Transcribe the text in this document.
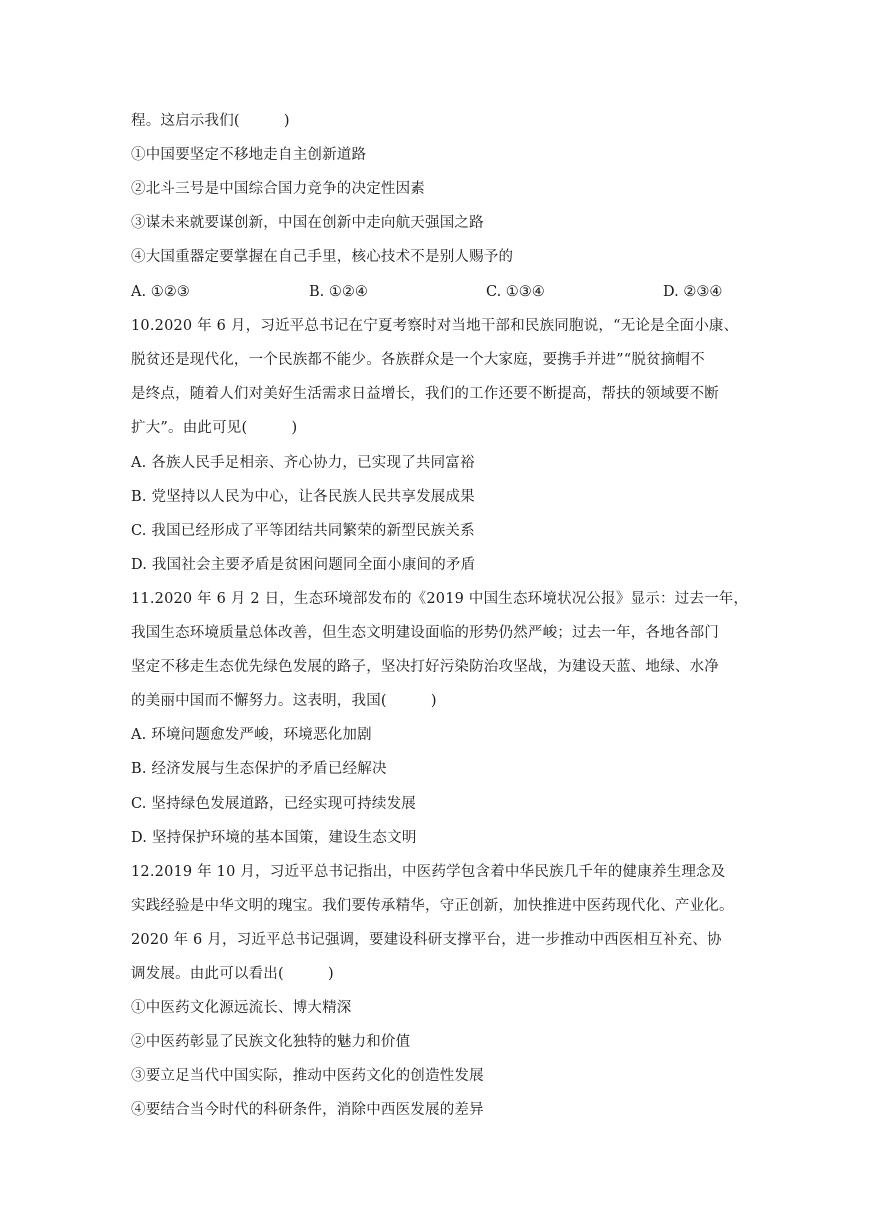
程。这启示我们(　　　)
①中国要坚定不移地走自主创新道路
②北斗三号是中国综合国力竞争的决定性因素
③谋未来就要谋创新，中国在创新中走向航天强国之路
④大国重器定要掌握在自己手里，核心技术不是别人赐予的
A. ①②③	B. ①②④	C. ①③④	D. ②③④
10.2020 年 6 月，习近平总书记在宁夏考察时对当地干部和民族同胞说，“无论是全面小康、
脱贫还是现代化，一个民族都不能少。各族群众是一个大家庭，要携手并进”“脱贫摘帽不
是终点，随着人们对美好生活需求日益增长，我们的工作还要不断提高，帮扶的领域要不断
扩大”。由此可见(　　　)
A. 各族人民手足相亲、齐心协力，已实现了共同富裕
B. 党坚持以人民为中心，让各民族人民共享发展成果
C. 我国已经形成了平等团结共同繁荣的新型民族关系
D. 我国社会主要矛盾是贫困问题同全面小康间的矛盾
11.2020 年 6 月 2 日，生态环境部发布的《2019 中国生态环境状况公报》显示：过去一年，
我国生态环境质量总体改善，但生态文明建设面临的形势仍然严峻；过去一年，各地各部门
坚定不移走生态优先绿色发展的路子，坚决打好污染防治攻坚战，为建设天蓝、地绿、水净
的美丽中国而不懈努力。这表明，我国(　　　)
A. 环境问题愈发严峻，环境恶化加剧
B. 经济发展与生态保护的矛盾已经解决
C. 坚持绿色发展道路，已经实现可持续发展
D. 坚持保护环境的基本国策，建设生态文明
12.2019 年 10 月，习近平总书记指出，中医药学包含着中华民族几千年的健康养生理念及
实践经验是中华文明的瑰宝。我们要传承精华，守正创新，加快推进中医药现代化、产业化。
2020 年 6 月，习近平总书记强调，要建设科研支撑平台，进一步推动中西医相互补充、协
调发展。由此可以看出(　　　)
①中医药文化源远流长、博大精深
②中医药彰显了民族文化独特的魅力和价值
③要立足当代中国实际，推动中医药文化的创造性发展
④要结合当今时代的科研条件，消除中西医发展的差异
